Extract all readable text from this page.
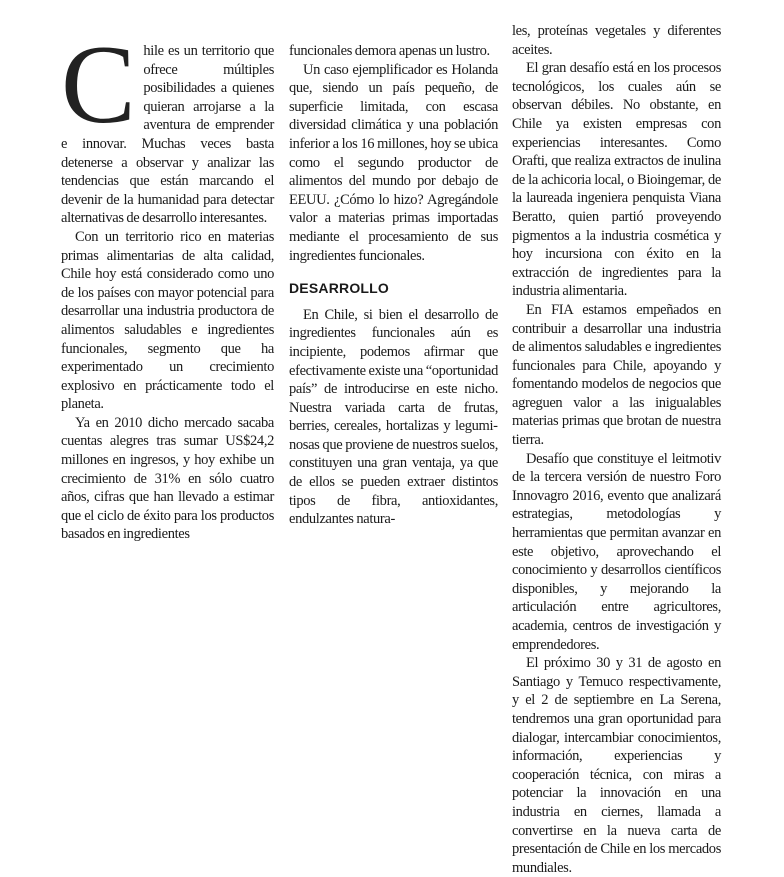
Chile es un territorio que ofrece múltiples posibilidades a quienes quieran arrojarse a la aventura de emprender e innovar. Muchas veces basta detenerse a observar y analizar las tendencias que están marcando el devenir de la humanidad para detectar alternativas de desarrollo interesantes.

Con un territorio rico en materias primas alimentarias de alta calidad, Chile hoy está considerado como uno de los países con mayor potencial para desarrollar una industria productora de alimentos saludables e ingredientes funcionales, segmento que ha experimentado un crecimiento explosivo en prácticamente todo el planeta.

Ya en 2010 dicho mercado sacaba cuentas alegres tras sumar US$24,2 millones en ingresos, y hoy exhibe un crecimiento de 31% en sólo cuatro años, cifras que han llevado a estimar que el ciclo de éxito para los productos basados en ingredientes

funcionales demora apenas un lustro.

Un caso ejemplificador es Holanda que, siendo un país pequeño, de superficie limitada, con escasa diversidad climática y una población inferior a los 16 millones, hoy se ubica como el segundo productor de alimentos del mundo por debajo de EEUU. ¿Cómo lo hizo? Agregándole valor a materias primas importadas mediante el procesamiento de sus ingredientes funcionales.

DESARROLLO

En Chile, si bien el desarrollo de ingredientes funcionales aún es incipiente, podemos afirmar que efectivamente existe una “oportunidad país” de introducirse en este nicho. Nuestra variada carta de frutas, berries, cereales, hortalizas y leguminosas que proviene de nuestros suelos, constituyen una gran ventaja, ya que de ellos se pueden extraer distintos tipos de fibra, antioxidantes, endulzantes natura-

les, proteínas vegetales y diferentes aceites.

El gran desafío está en los procesos tecnológicos, los cuales aún se observan débiles. No obstante, en Chile ya existen empresas con experiencias interesantes. Como Orafti, que realiza extractos de inulina de la achicoria local, o Bioingemar, de la laureada ingeniera penquista Viana Beratto, quien partió proveyendo pigmentos a la industria cosmética y hoy incursiona con éxito en la extracción de ingredientes para la industria alimentaria.

En FIA estamos empeñados en contribuir a desarrollar una industria de alimentos saludables e ingredientes funcionales para Chile, apoyando y fomentando modelos de negocios que agreguen valor a las inigualables materias primas que brotan de nuestra tierra.

Desafío que constituye el leitmotiv de la tercera versión de nuestro Foro Innovagro 2016, evento que analizará estrategias, metodologías y herramientas que permitan avanzar en este objetivo, aprovechando el conocimiento y desarrollos científicos disponibles, y mejorando la articulación entre agricultores, academia, centros de investigación y emprendedores.

El próximo 30 y 31 de agosto en Santiago y Temuco respectivamente, y el 2 de septiembre en La Serena, tendremos una gran oportunidad para dialogar, intercambiar conocimientos, información, experiencias y cooperación técnica, con miras a potenciar la innovación en una industria en ciernes, llamada a convertirse en la nueva carta de presentación de Chile en los mercados mundiales.
